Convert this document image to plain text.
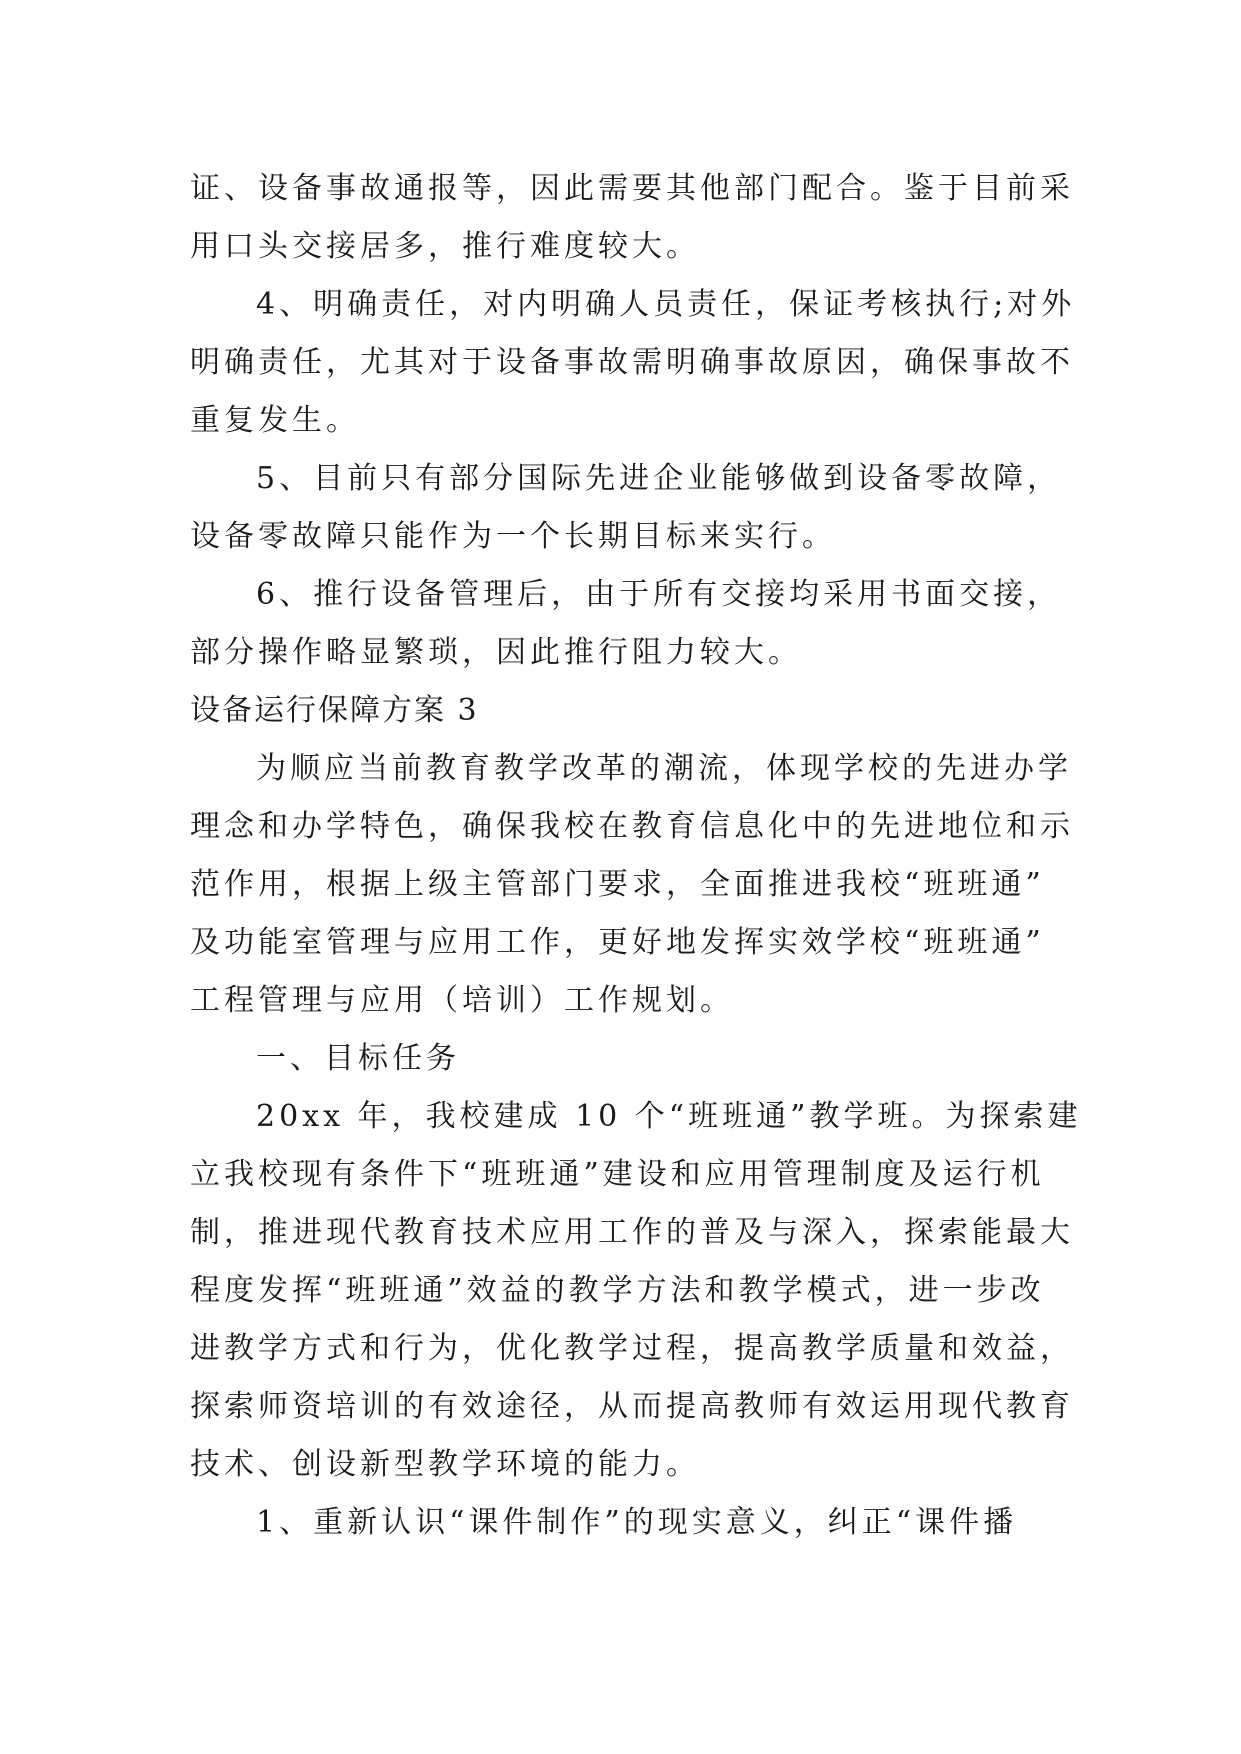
证、设备事故通报等，因此需要其他部门配合。鉴于目前采
用口头交接居多，推行难度较大。
4、明确责任，对内明确人员责任，保证考核执行;对外
明确责任，尤其对于设备事故需明确事故原因，确保事故不
重复发生。
5、目前只有部分国际先进企业能够做到设备零故障，
设备零故障只能作为一个长期目标来实行。
6、推行设备管理后，由于所有交接均采用书面交接，
部分操作略显繁琐，因此推行阻力较大。
设备运行保障方案 3
为顺应当前教育教学改革的潮流，体现学校的先进办学
理念和办学特色，确保我校在教育信息化中的先进地位和示
范作用，根据上级主管部门要求，全面推进我校“班班通”
及功能室管理与应用工作，更好地发挥实效学校“班班通”
工程管理与应用（培训）工作规划。
一、目标任务
20xx 年，我校建成 10 个“班班通”教学班。为探索建
立我校现有条件下“班班通”建设和应用管理制度及运行机
制，推进现代教育技术应用工作的普及与深入，探索能最大
程度发挥“班班通”效益的教学方法和教学模式，进一步改
进教学方式和行为，优化教学过程，提高教学质量和效益，
探索师资培训的有效途径，从而提高教师有效运用现代教育
技术、创设新型教学环境的能力。
1、重新认识“课件制作”的现实意义，纠正“课件播
